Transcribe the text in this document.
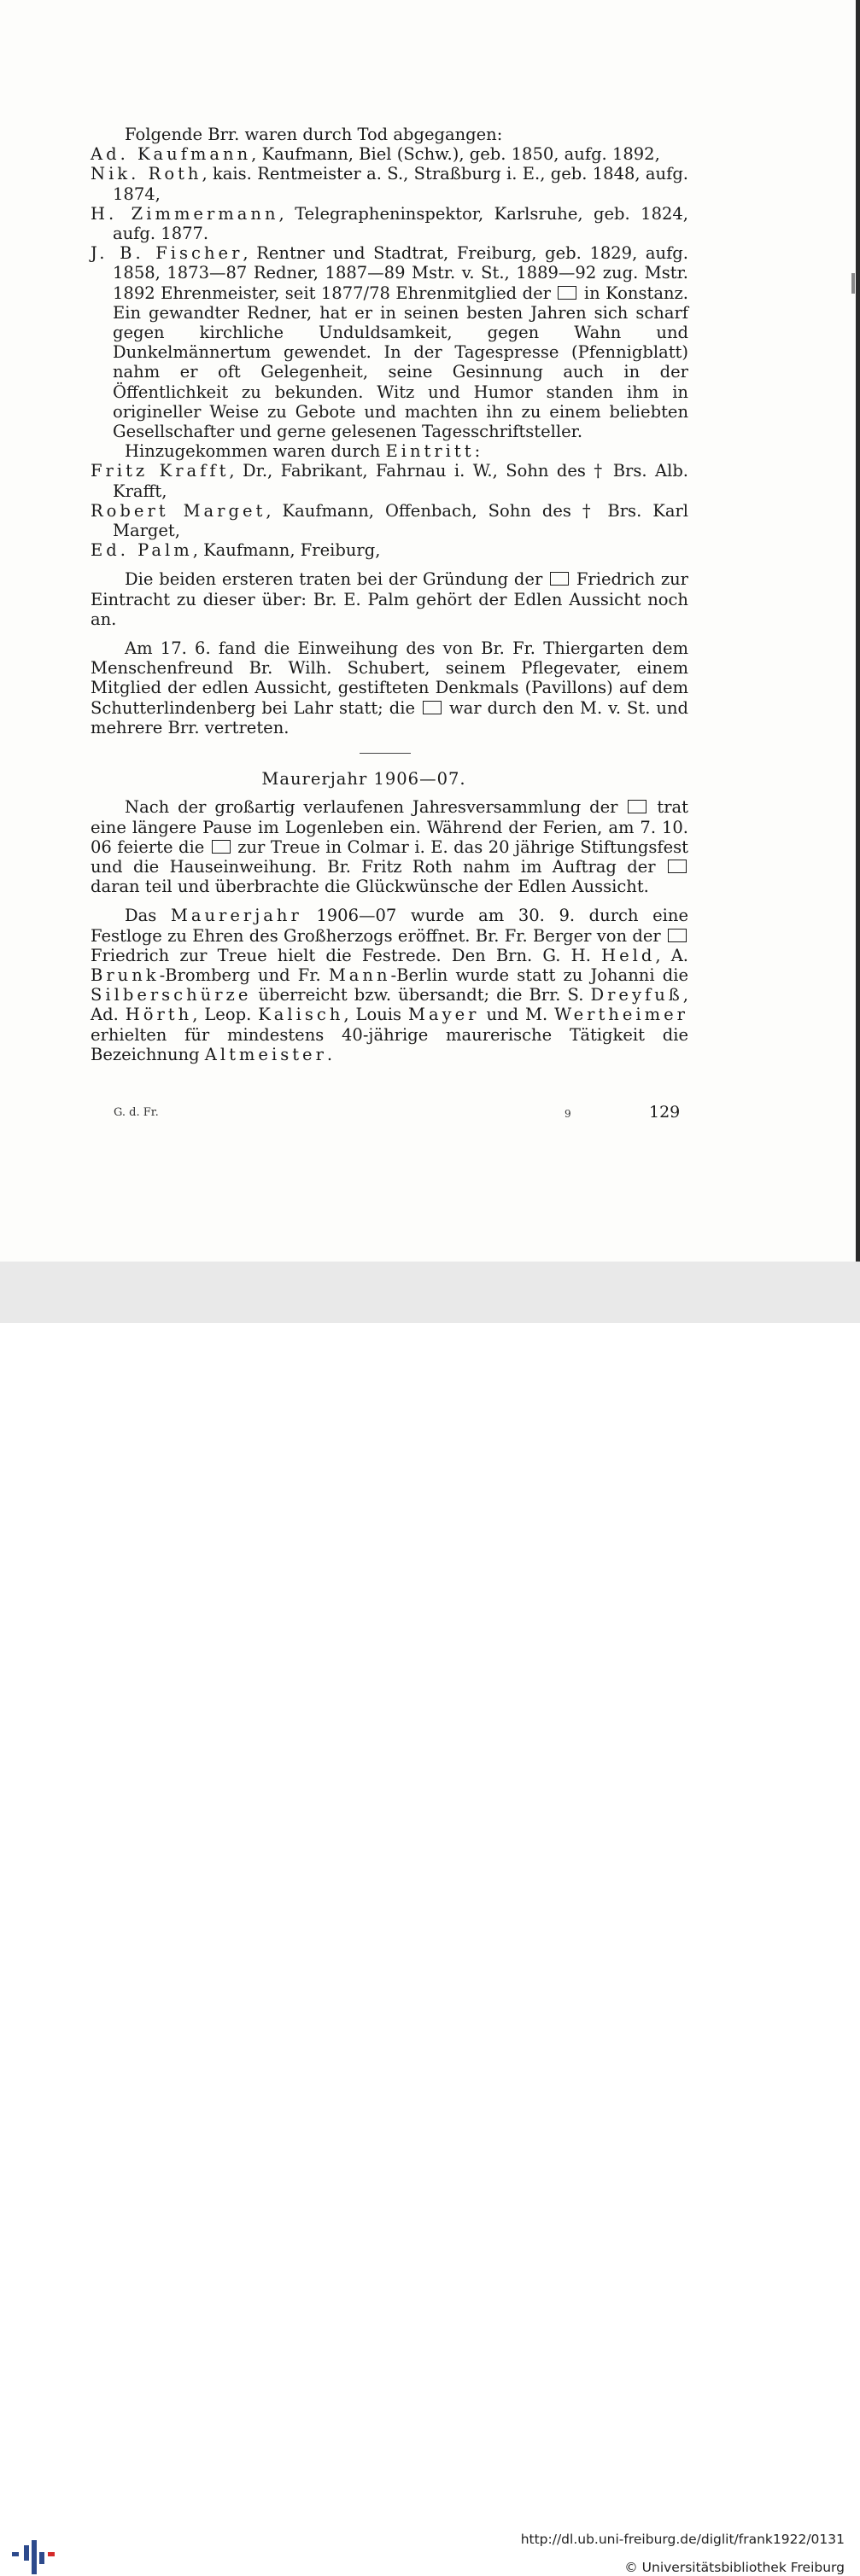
Folgende Brr. waren durch Tod abgegangen:

Ad. Kaufmann, Kaufmann, Biel (Schw.), geb. 1850, aufg. 1892,

Nik. Roth, kais. Rentmeister a. S., Straßburg i. E., geb. 1848, aufg. 1874,

H. Zimmermann, Telegrapheninspektor, Karlsruhe, geb. 1824, aufg. 1877.

J. B. Fischer, Rentner und Stadtrat, Freiburg, geb. 1829, aufg. 1858, 1873—87 Redner, 1887—89 Mstr. v. St., 1889—92 zug. Mstr. 1892 Ehrenmeister, seit 1877/78 Ehrenmitglied der in Konstanz. Ein gewandter Redner, hat er in seinen besten Jahren sich scharf gegen kirchliche Unduldsamkeit, gegen Wahn und Dunkelmännertum gewendet. In der Tagespresse (Pfennigblatt) nahm er oft Gelegenheit, seine Gesinnung auch in der Öffentlichkeit zu bekunden. Witz und Humor standen ihm in origineller Weise zu Gebote und machten ihn zu einem beliebten Gesellschafter und gerne gelesenen Tagesschriftsteller.

Hinzugekommen waren durch Eintritt:

Fritz Krafft, Dr., Fabrikant, Fahrnau i. W., Sohn des † Brs. Alb. Krafft,

Robert Marget, Kaufmann, Offenbach, Sohn des † Brs. Karl Marget,

Ed. Palm, Kaufmann, Freiburg,

Die beiden ersteren traten bei der Gründung der Friedrich zur Eintracht zu dieser über: Br. E. Palm gehört der Edlen Aussicht noch an.

Am 17. 6. fand die Einweihung des von Br. Fr. Thiergarten dem Menschenfreund Br. Wilh. Schubert, seinem Pflegevater, einem Mitglied der edlen Aussicht, gestifteten Denkmals (Pavillons) auf dem Schutterlindenberg bei Lahr statt; die war durch den M. v. St. und mehrere Brr. vertreten.

Maurerjahr 1906—07.

Nach der großartig verlaufenen Jahresversammlung der trat eine längere Pause im Logenleben ein. Während der Ferien, am 7. 10. 06 feierte die zur Treue in Colmar i. E. das 20 jährige Stiftungsfest und die Hauseinweihung. Br. Fritz Roth nahm im Auftrag der  daran teil und überbrachte die Glückwünsche der Edlen Aussicht.

Das Maurerjahr 1906—07 wurde am 30. 9. durch eine Festloge zu Ehren des Großherzogs eröffnet. Br. Fr. Berger von der  Friedrich zur Treue hielt die Festrede. Den Brn. G. H. Held, A. Brunk-Bromberg und Fr. Mann-Berlin wurde statt zu Johanni die Silberschürze überreicht bzw. übersandt; die Brr. S. Dreyfuß, Ad. Hörth, Leop. Kalisch, Louis Mayer und M. Wertheimer erhielten für mindestens 40-jährige maurerische Tätigkeit die Bezeichnung Altmeister.

G. d. Fr.	9	129
http://dl.ub.uni-freiburg.de/diglit/frank1922/0131
© Universitätsbibliothek Freiburg
